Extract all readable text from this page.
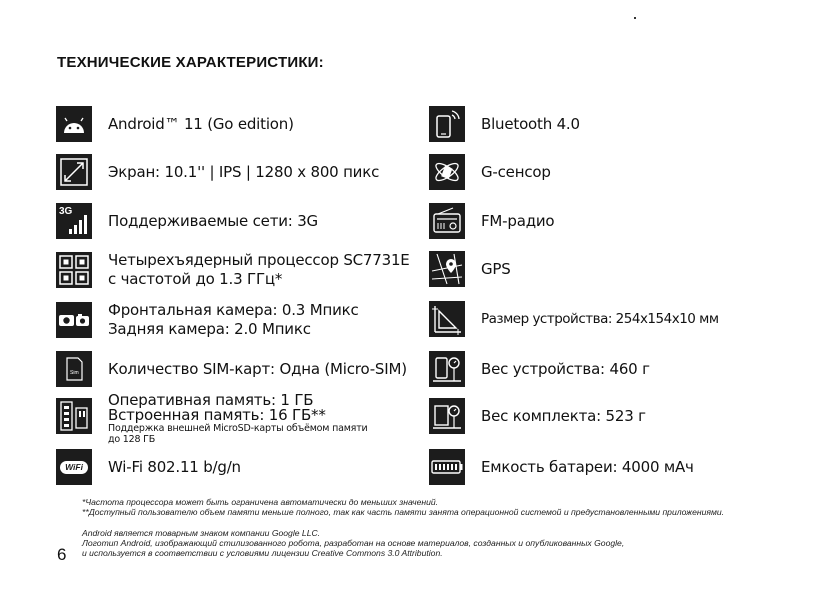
ТЕХНИЧЕСКИЕ ХАРАКТЕРИСТИКИ:
Android™ 11 (Go edition)
Экран: 10.1'' | IPS | 1280 x 800 пикс
3G Поддерживаемые сети: 3G
Четырехъядерный процессор SC7731E
с частотой до 1.3 ГГц*
Фронтальная камера: 0.3 Мпикс
Задняя камера: 2.0 Мпикс
Sim Количество SIM-карт: Одна (Micro-SIM)
Оперативная память: 1 ГБ
Встроенная память: 16 ГБ**
Поддержка внешней MicroSD-карты объёмом памяти
до 128 ГБ
WiFi Wi-Fi 802.11 b/g/n
Bluetooth 4.0
G-сенсор
FM-радио
GPS
Размер устройства: 254x154x10 мм
Вес устройства: 460 г
Вес комплекта: 523 г
Емкость батареи: 4000 мАч
*Частота процессора может быть ограничена автоматически до меньших значений.
**Доступный пользователю объем памяти меньше полного, так как часть памяти занята операционной системой и предустановленными приложениями.
Android является товарным знаком компании Google LLC.
Логотип Android, изображающий стилизованного робота, разработан на основе материалов, созданных и опубликованных Google,
и используется в соответствии с условиями лицензии Creative Commons 3.0 Attribution.
6
